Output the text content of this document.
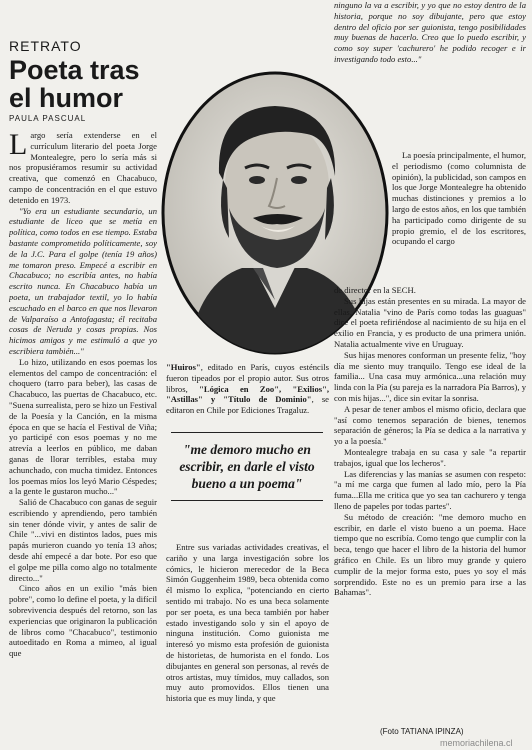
RETRATO
Poeta tras el humor
PAULA PASCUAL

Largo sería extenderse en el currículum literario del poeta Jorge Montealegre, pero lo sería más si nos propusiéramos resumir su actividad creativa, que comenzó en Chacabuco, campo de concentración en el que estuvo detenido en 1973.

"Yo era un estudiante secundario, un estudiante de liceo que se metía en política, como todos en ese tiempo. Estaba bastante comprometido políticamente, soy de la J.C. Para el golpe (tenía 19 años) me tomaron preso. Empecé a escribir en Chacabuco; no escribía antes, no había escrito nunca. En Chacabuco había un poeta, un trabajador textil, yo lo había escuchado en el barco en que nos llevaron de Valparaíso a Antofagasta; él recitaba cosas de Neruda y cosas propias. Nos hicimos amigos y me estimuló a que yo escribiera también..."

Lo hizo, utilizando en esos poemas los elementos del campo de concentración: el choquero (tarro para beber), las casas de Chacabuco, las puertas de Chacabuco, etc. "Suena surrealista, pero se hizo un Festival de la Poesía y la Canción, en la misma época en que se hacía el Festival de Viña; yo participé con esos poemas y no me atrevía a leerlos en público, me daban ganas de llorar terribles, estaba muy achunchado, con mucha timidez. Entonces los poemas míos los leyó Mario Céspedes; a la gente le gustaron mucho..."

Salió de Chacabuco con ganas de seguir escribiendo y aprendiendo, pero también sin tener dónde vivir, y antes de salir de Chile "...vivi en distintos lados, pues mis papás murieron cuando yo tenía 13 años; desde ahí empecé a dar bote. Por eso que el golpe me pilla como algo no totalmente directo..."

Cinco años en un exilio "más bien pobre", como lo define el poeta, y la difícil sobrevivencia después del retorno, son las experiencias que originaron la publicación de libros como "Chacabuco", testimonio autoeditado en Roma a mimeo, al igual que

ninguno la va a escribir, y yo que no estoy dentro de la historia, porque no soy dibujante, pero que estoy dentro del oficio por ser guionista, tengo posibilidades muy buenas de hacerlo. Creo que lo puedo escribir, y como soy super 'cachurero' he podido recoger e ir investigando todo esto..."

La poesía principalmente, el humor, el periodismo (como columnista de opinión), la publicidad, son campos en los que Jorge Montealegre ha obtenido muchas distinciones y premios a lo largo de estos años, en los que también ha participado como dirigente de su propio gremio, el de los escritores, ocupando el cargo

de director en la SECH.

Sus hijas están presentes en su mirada. La mayor de ellas, Natalia "vino de París como todas las guaguas" dice el poeta refiriéndose al nacimiento de su hija en el exilio en Francia, y es producto de una primera unión. Natalia actualmente vive en Uruguay.

Sus hijas menores conforman un presente feliz, "hoy día me siento muy tranquilo. Tengo ese ideal de la familia... Una casa muy armónica...una relación muy linda con la Pía (su pareja es la narradora Pía Barros), y con mis hijas...", dice sin evitar la sonrisa.

A pesar de tener ambos el mismo oficio, declara que "así como tenemos separación de bienes, tenemos separación de géneros; la Pía se dedica a la narrativa y yo a la poesía."

Montealegre trabaja en su casa y sale "a repartir trabajos, igual que los lecheros".

Las diferencias y las manías se asumen con respeto: "a mí me carga que fumen al lado mío, pero la Pía fuma...Ella me critica que yo sea tan cachurero y tenga lleno de papeles por todas partes".

Su método de creación: "me demoro mucho en escribir, en darle el visto bueno a un poema. Hace tiempo que no escribía. Como tengo que cumplir con la beca, tengo que hacer el libro de la historia del humor gráfico en Chile. Es un libro muy grande y quiero cumplir de la mejor forma esto, pues yo soy el más sorprendido. Este no es un premio para irse a las Bahamas".

"Huiros", editado en París, cuyos esténcils fueron tipeados por el propio autor. Sus otros libros, "Lógica en Zoo", "Exilios", "Astillas" y "Título de Dominio", se editaron en Chile por Ediciones Tragaluz.

"me demoro mucho en escribir, en darle el visto bueno a un poema"

Entre sus variadas actividades creativas, el cariño y una larga investigación sobre los cómics, le hicieron merecedor de la Beca Simón Guggenheim 1989, beca obtenida como él mismo lo explica, "potenciando en cierto sentido mi trabajo. No es una beca solamente por ser poeta, es una beca también por haber estado investigando solo y sin el apoyo de ninguna institución. Como guionista me interesó yo mismo esta profesión de guionista de historietas, de humorista en el fondo. Los dibujantes en general son personas, al revés de otros artistas, muy tímidos, muy callados, son muy auto promovidos. Ellos tienen una historia que es muy linda, y que

(Foto TATIANA IPINZA)
memoriachilena.cl
